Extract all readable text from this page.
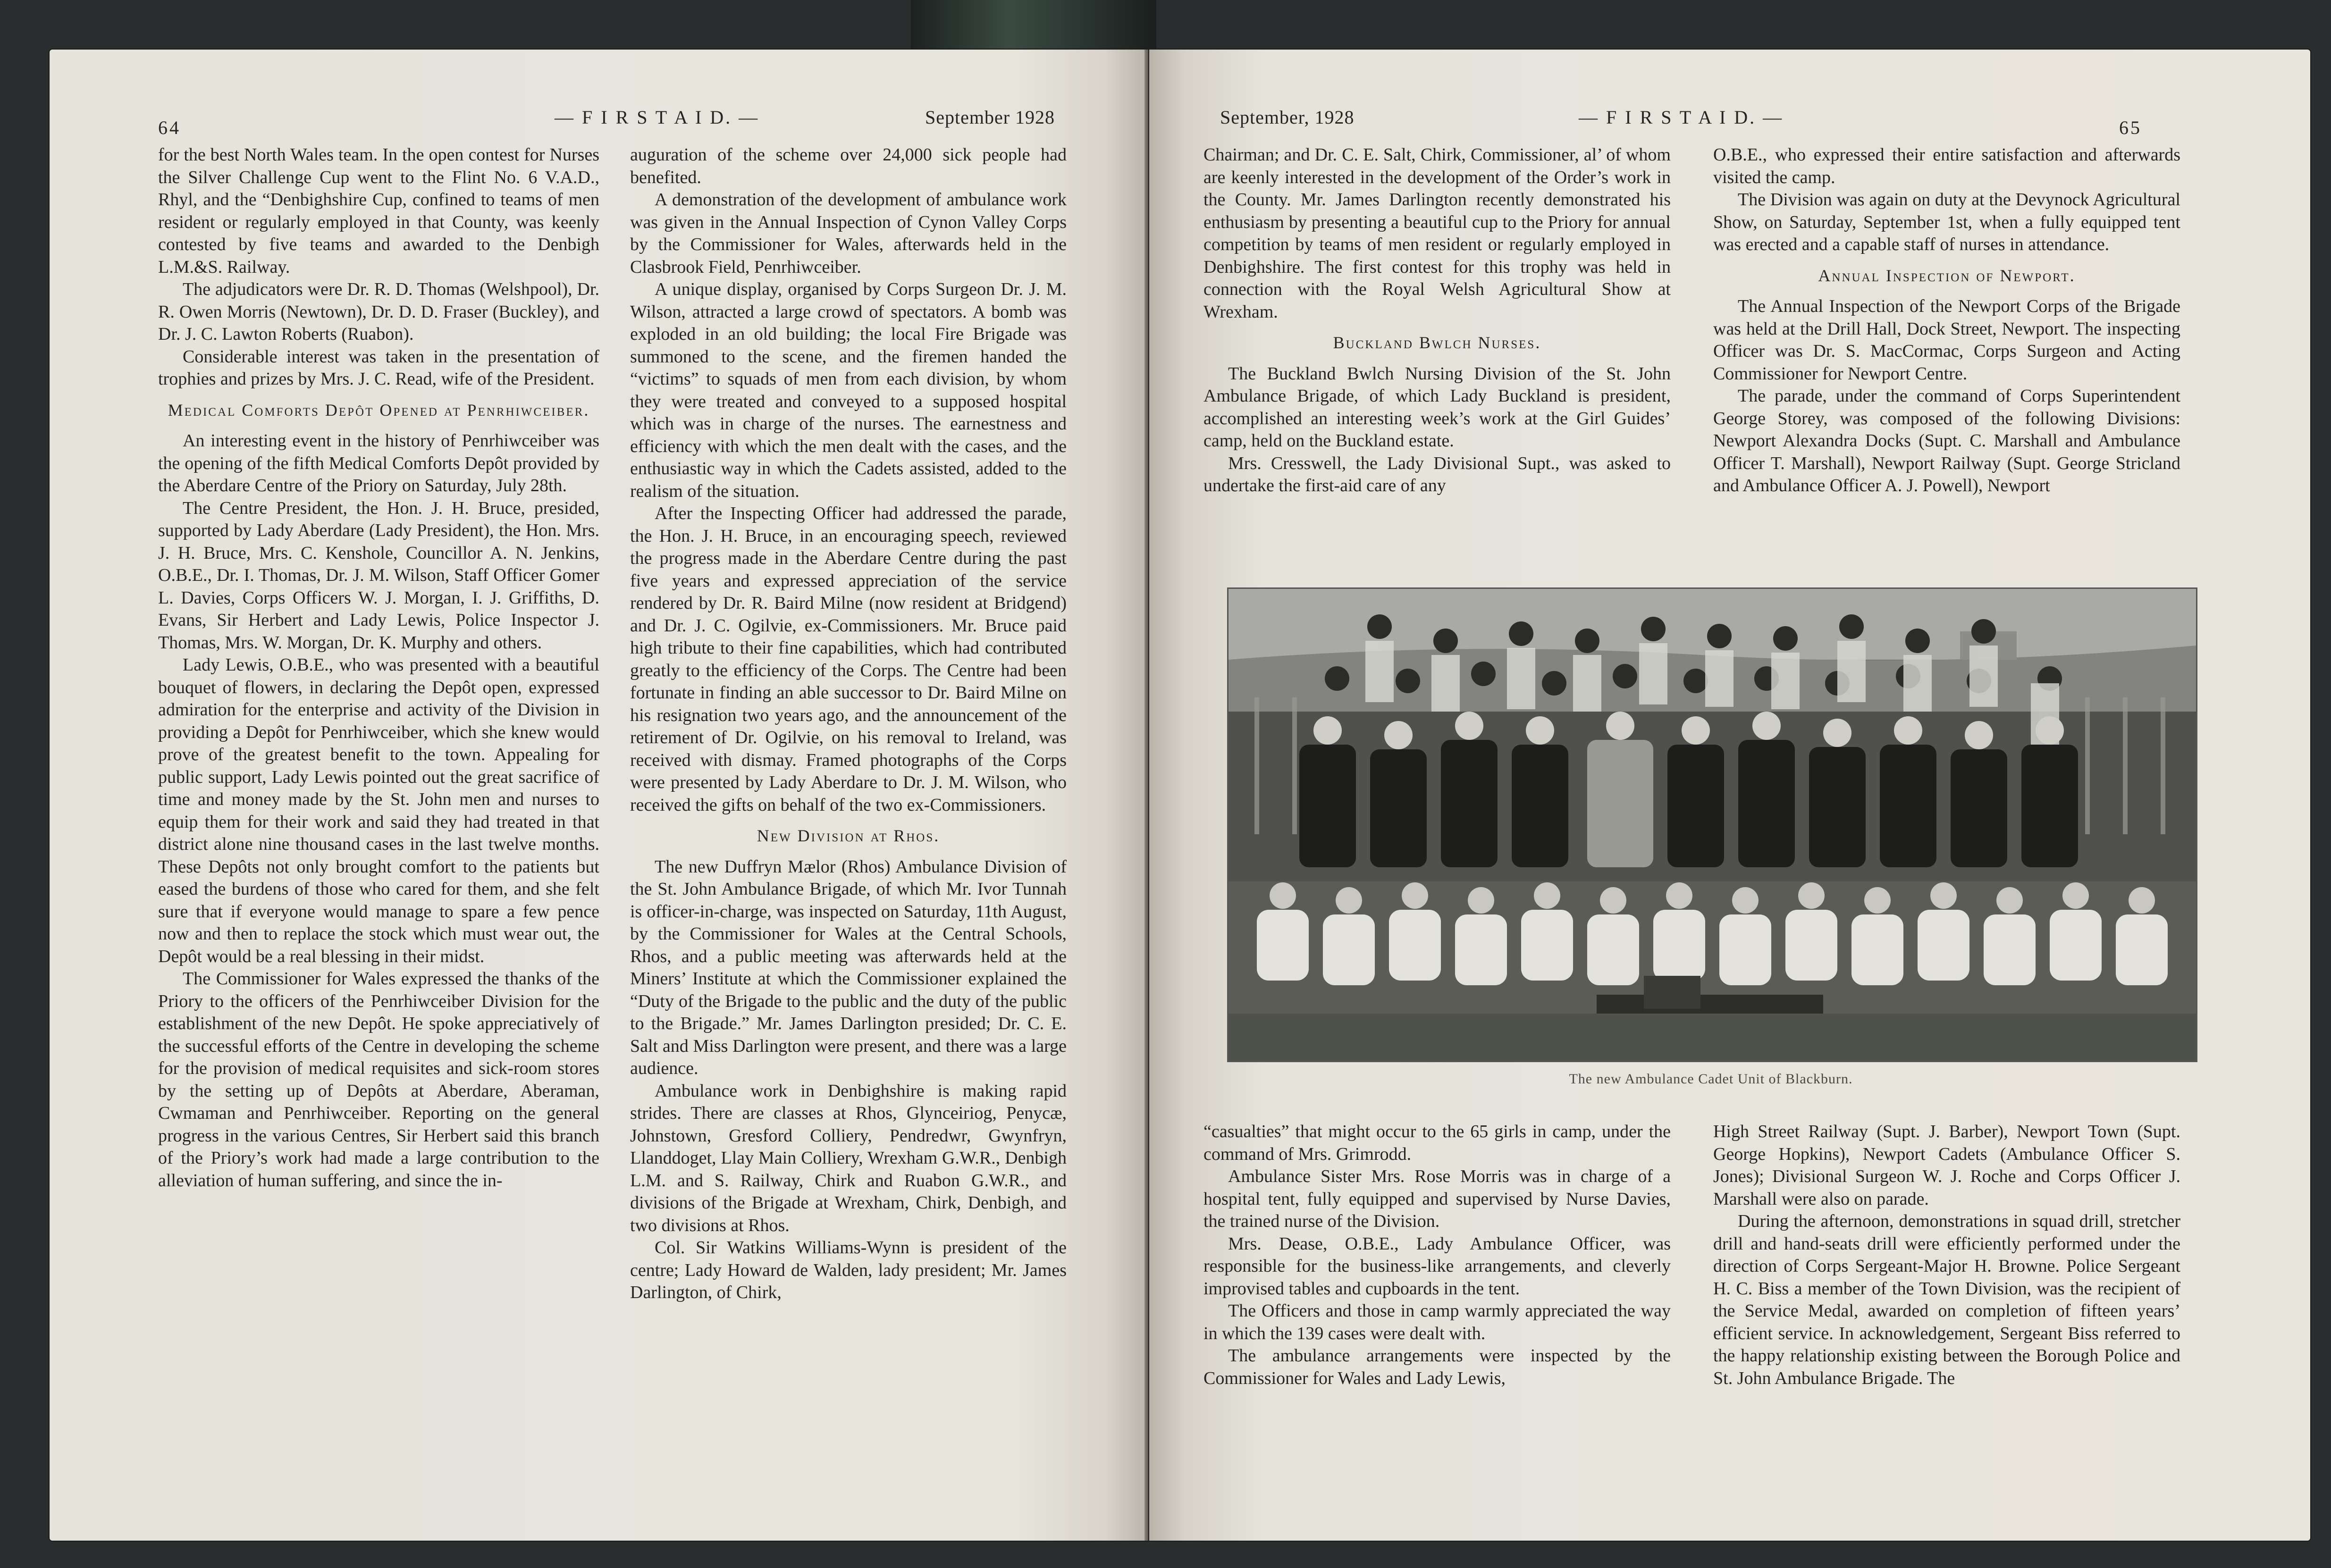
64	— F I R S T A I D. —	September 1928

for the best North Wales team. In the open contest for Nurses the Silver Challenge Cup went to the Flint No. 6 V.A.D., Rhyl, and the “Denbighshire Cup, confined to teams of men resident or regularly employed in that County, was keenly contested by five teams and awarded to the Denbigh L.M.&S. Railway.

The adjudicators were Dr. R. D. Thomas (Welshpool), Dr. R. Owen Morris (Newtown), Dr. D. D. Fraser (Buckley), and Dr. J. C. Lawton Roberts (Ruabon).

Considerable interest was taken in the presentation of trophies and prizes by Mrs. J. C. Read, wife of the President.

Medical Comforts Depôt Opened at Penrhiwceiber.

An interesting event in the history of Penrhiwceiber was the opening of the fifth Medical Comforts Depôt provided by the Aberdare Centre of the Priory on Saturday, July 28th.

The Centre President, the Hon. J. H. Bruce, presided, supported by Lady Aberdare (Lady President), the Hon. Mrs. J. H. Bruce, Mrs. C. Kenshole, Councillor A. N. Jenkins, O.B.E., Dr. I. Thomas, Dr. J. M. Wilson, Staff Officer Gomer L. Davies, Corps Officers W. J. Morgan, I. J. Griffiths, D. Evans, Sir Herbert and Lady Lewis, Police Inspector J. Thomas, Mrs. W. Morgan, Dr. K. Murphy and others.

Lady Lewis, O.B.E., who was presented with a beautiful bouquet of flowers, in declaring the Depôt open, expressed admiration for the enterprise and activity of the Division in providing a Depôt for Penrhiwceiber, which she knew would prove of the greatest benefit to the town. Appealing for public support, Lady Lewis pointed out the great sacrifice of time and money made by the St. John men and nurses to equip them for their work and said they had treated in that district alone nine thousand cases in the last twelve months. These Depôts not only brought comfort to the patients but eased the burdens of those who cared for them, and she felt sure that if everyone would manage to spare a few pence now and then to replace the stock which must wear out, the Depôt would be a real blessing in their midst.

The Commissioner for Wales expressed the thanks of the Priory to the officers of the Penrhiwceiber Division for the establishment of the new Depôt. He spoke appreciatively of the successful efforts of the Centre in developing the scheme for the provision of medical requisites and sick-room stores by the setting up of Depôts at Aberdare, Aberaman, Cwmaman and Penrhiwceiber. Reporting on the general progress in the various Centres, Sir Herbert said this branch of the Priory’s work had made a large contribution to the alleviation of human suffering, and since the in-

auguration of the scheme over 24,000 sick people had benefited.

A demonstration of the development of ambulance work was given in the Annual Inspection of Cynon Valley Corps by the Commissioner for Wales, afterwards held in the Clasbrook Field, Penrhiwceiber.

A unique display, organised by Corps Surgeon Dr. J. M. Wilson, attracted a large crowd of spectators. A bomb was exploded in an old building; the local Fire Brigade was summoned to the scene, and the firemen handed the “victims” to squads of men from each division, by whom they were treated and conveyed to a supposed hospital which was in charge of the nurses. The earnestness and efficiency with which the men dealt with the cases, and the enthusiastic way in which the Cadets assisted, added to the realism of the situation.

After the Inspecting Officer had addressed the parade, the Hon. J. H. Bruce, in an encouraging speech, reviewed the progress made in the Aberdare Centre during the past five years and expressed appreciation of the service rendered by Dr. R. Baird Milne (now resident at Bridgend) and Dr. J. C. Ogilvie, ex-Commissioners. Mr. Bruce paid high tribute to their fine capabilities, which had contributed greatly to the efficiency of the Corps. The Centre had been fortunate in finding an able successor to Dr. Baird Milne on his resignation two years ago, and the announcement of the retirement of Dr. Ogilvie, on his removal to Ireland, was received with dismay. Framed photographs of the Corps were presented by Lady Aberdare to Dr. J. M. Wilson, who received the gifts on behalf of the two ex-Commissioners.

New Division at Rhos.

The new Duffryn Mælor (Rhos) Ambulance Division of the St. John Ambulance Brigade, of which Mr. Ivor Tunnah is officer-in-charge, was inspected on Saturday, 11th August, by the Commissioner for Wales at the Central Schools, Rhos, and a public meeting was afterwards held at the Miners’ Institute at which the Commissioner explained the “Duty of the Brigade to the public and the duty of the public to the Brigade.” Mr. James Darlington presided; Dr. C. E. Salt and Miss Darlington were present, and there was a large audience.

Ambulance work in Denbighshire is making rapid strides. There are classes at Rhos, Glynceiriog, Penycæ, Johnstown, Gresford Colliery, Pendredwr, Gwynfryn, Llanddoget, Llay Main Colliery, Wrexham G.W.R., Denbigh L.M. and S. Railway, Chirk and Ruabon G.W.R., and divisions of the Brigade at Wrexham, Chirk, Denbigh, and two divisions at Rhos.

Col. Sir Watkins Williams-Wynn is president of the centre; Lady Howard de Walden, lady president; Mr. James Darlington, of Chirk,

September, 1928	— F I R S T A I D. —	65

Chairman; and Dr. C. E. Salt, Chirk, Commissioner, al’ of whom are keenly interested in the development of the Order’s work in the County. Mr. James Darlington recently demonstrated his enthusiasm by presenting a beautiful cup to the Priory for annual competition by teams of men resident or regularly employed in Denbighshire. The first contest for this trophy was held in connection with the Royal Welsh Agricultural Show at Wrexham.

Buckland Bwlch Nurses.

The Buckland Bwlch Nursing Division of the St. John Ambulance Brigade, of which Lady Buckland is president, accomplished an interesting week’s work at the Girl Guides’ camp, held on the Buckland estate.

Mrs. Cresswell, the Lady Divisional Supt., was asked to undertake the first-aid care of any

O.B.E., who expressed their entire satisfaction and afterwards visited the camp.

The Division was again on duty at the Devynock Agricultural Show, on Saturday, September 1st, when a fully equipped tent was erected and a capable staff of nurses in attendance.

Annual Inspection of Newport.

The Annual Inspection of the Newport Corps of the Brigade was held at the Drill Hall, Dock Street, Newport. The inspecting Officer was Dr. S. MacCormac, Corps Surgeon and Acting Commissioner for Newport Centre.

The parade, under the command of Corps Superintendent George Storey, was composed of the following Divisions: Newport Alexandra Docks (Supt. C. Marshall and Ambulance Officer T. Marshall), Newport Railway (Supt. George Stricland and Ambulance Officer A. J. Powell), Newport

The new Ambulance Cadet Unit of Blackburn.

“casualties” that might occur to the 65 girls in camp, under the command of Mrs. Grimrodd.

Ambulance Sister Mrs. Rose Morris was in charge of a hospital tent, fully equipped and supervised by Nurse Davies, the trained nurse of the Division.

Mrs. Dease, O.B.E., Lady Ambulance Officer, was responsible for the business-like arrangements, and cleverly improvised tables and cupboards in the tent.

The Officers and those in camp warmly appreciated the way in which the 139 cases were dealt with.

The ambulance arrangements were inspected by the Commissioner for Wales and Lady Lewis,

High Street Railway (Supt. J. Barber), Newport Town (Supt. George Hopkins), Newport Cadets (Ambulance Officer S. Jones); Divisional Surgeon W. J. Roche and Corps Officer J. Marshall were also on parade.

During the afternoon, demonstrations in squad drill, stretcher drill and hand-seats drill were efficiently performed under the direction of Corps Sergeant-Major H. Browne. Police Sergeant H. C. Biss a member of the Town Division, was the recipient of the Service Medal, awarded on completion of fifteen years’ efficient service. In acknowledgement, Sergeant Biss referred to the happy relationship existing between the Borough Police and St. John Ambulance Brigade. The
